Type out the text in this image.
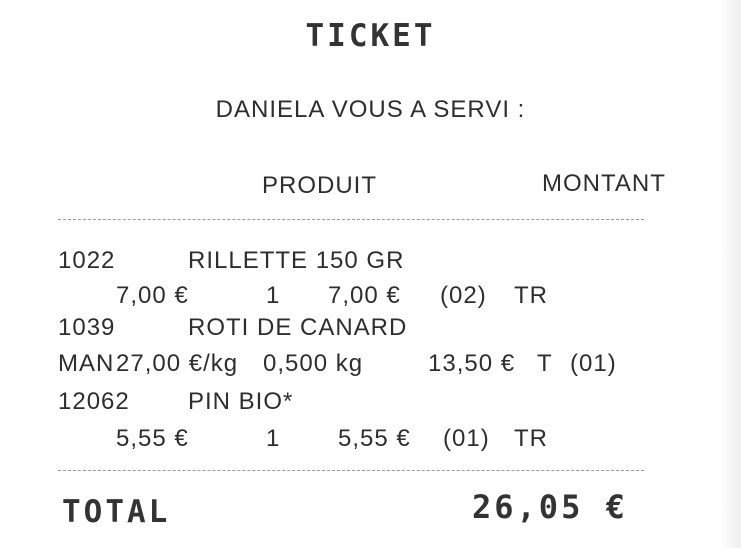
TICKET
DANIELA VOUS A SERVI :
PRODUIT	MONTANT
1022	RILLETTE 150 GR
7,00 €	1 7,00 € (02) TR
1039	ROTI DE CANARD
MAN 27,00 €/kg 0,500 kg	13,50 € T (01)
12062 PIN BIO*
5,55 €	1 5,55 € (01) TR
TOTAL	26,05 €
